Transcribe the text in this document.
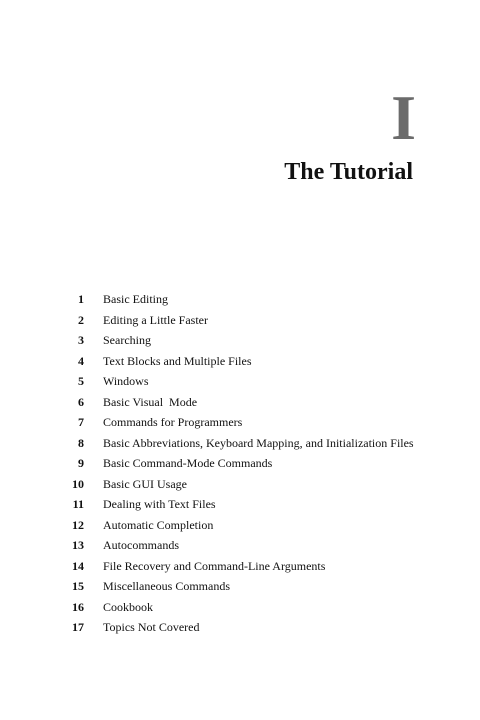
I
The Tutorial
1	Basic Editing
2	Editing a Little Faster
3	Searching
4	Text Blocks and Multiple Files
5	Windows
6	Basic Visual  Mode
7	Commands for Programmers
8	Basic Abbreviations, Keyboard Mapping, and Initialization Files
9	Basic Command-Mode Commands
10	Basic GUI Usage
11	Dealing with Text Files
12	Automatic Completion
13	Autocommands
14	File Recovery and Command-Line Arguments
15	Miscellaneous Commands
16	Cookbook
17	Topics Not Covered
